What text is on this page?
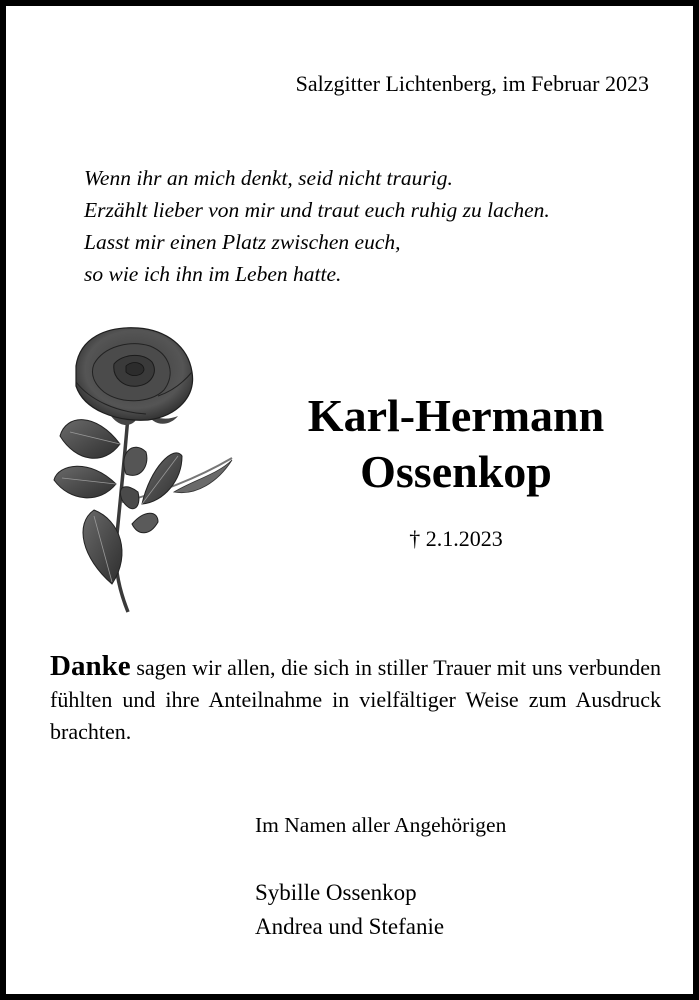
Salzgitter Lichtenberg, im Februar 2023
Wenn ihr an mich denkt, seid nicht traurig.
Erzählt lieber von mir und traut euch ruhig zu lachen.
Lasst mir einen Platz zwischen euch,
so wie ich ihn im Leben hatte.
Karl-Hermann
Ossenkop
† 2.1.2023
Danke sagen wir allen, die sich in stiller Trauer mit uns verbunden fühlten und ihre Anteilnahme in vielfältiger Weise zum Ausdruck brachten.
Im Namen aller Angehörigen
Sybille Ossenkop
Andrea und Stefanie
